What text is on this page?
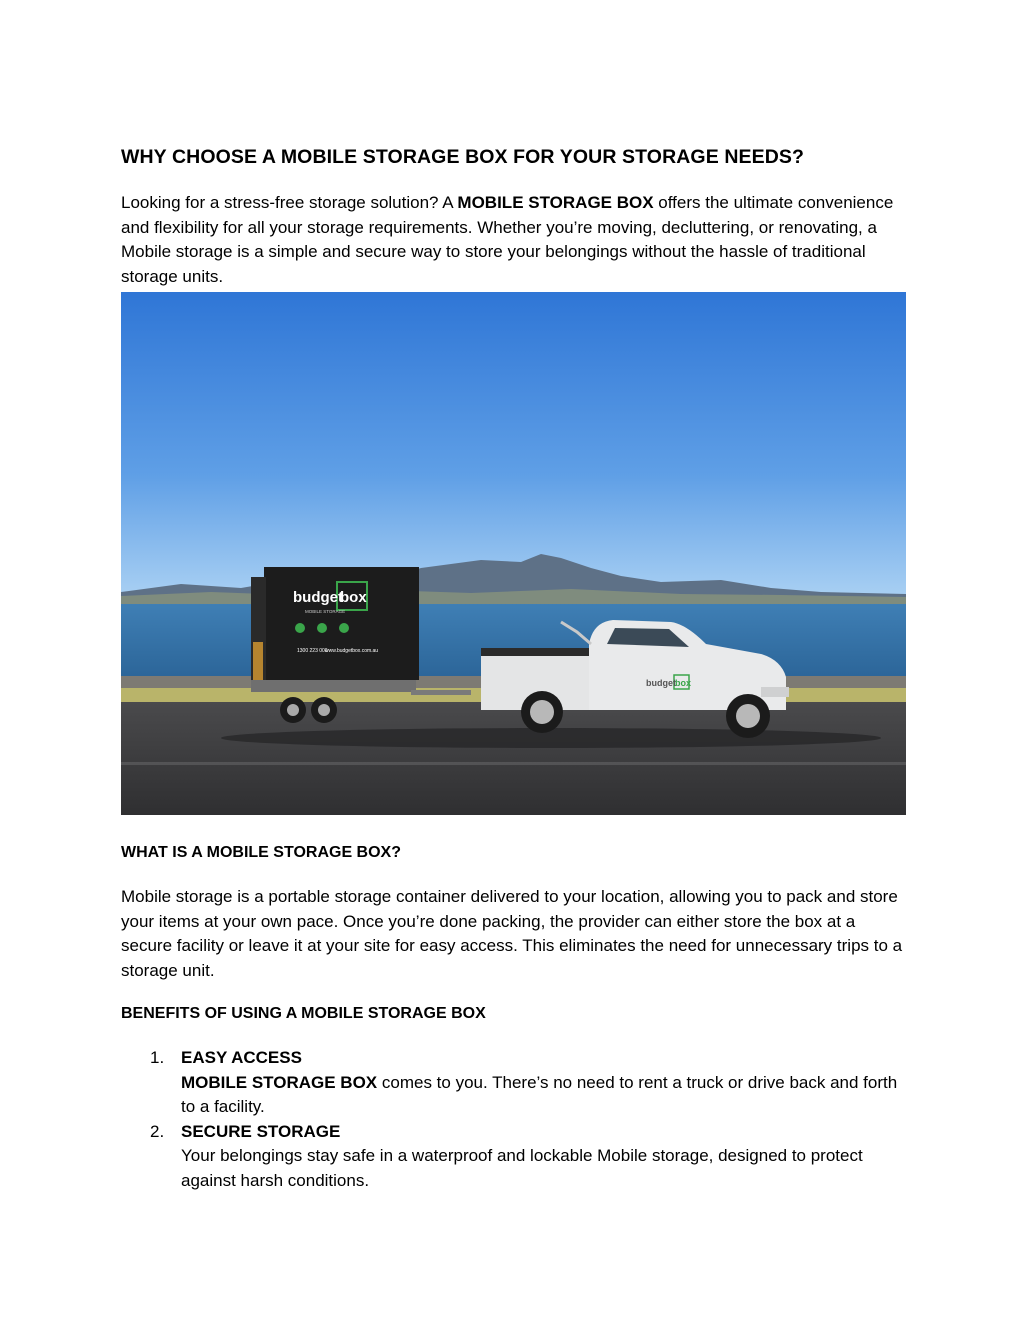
WHY CHOOSE A MOBILE STORAGE BOX FOR YOUR STORAGE NEEDS?

Looking for a stress-free storage solution? A MOBILE STORAGE BOX offers the ultimate convenience and flexibility for all your storage requirements. Whether you’re moving, decluttering, or renovating, a Mobile storage is a simple and secure way to store your belongings without the hassle of traditional storage units.

budget
box
MOBILE STORAGE
1300 223 000
www.budgetbox.com.au
budget box
WHAT IS A MOBILE STORAGE BOX?

Mobile storage is a portable storage container delivered to your location, allowing you to pack and store your items at your own pace. Once you’re done packing, the provider can either store the box at a secure facility or leave it at your site for easy access. This eliminates the need for unnecessary trips to a storage unit.

BENEFITS OF USING A MOBILE STORAGE BOX
1. EASY ACCESS
MOBILE STORAGE BOX comes to you. There’s no need to rent a truck or drive back and forth to a facility.
2. SECURE STORAGE
Your belongings stay safe in a waterproof and lockable Mobile storage, designed to protect against harsh conditions.
